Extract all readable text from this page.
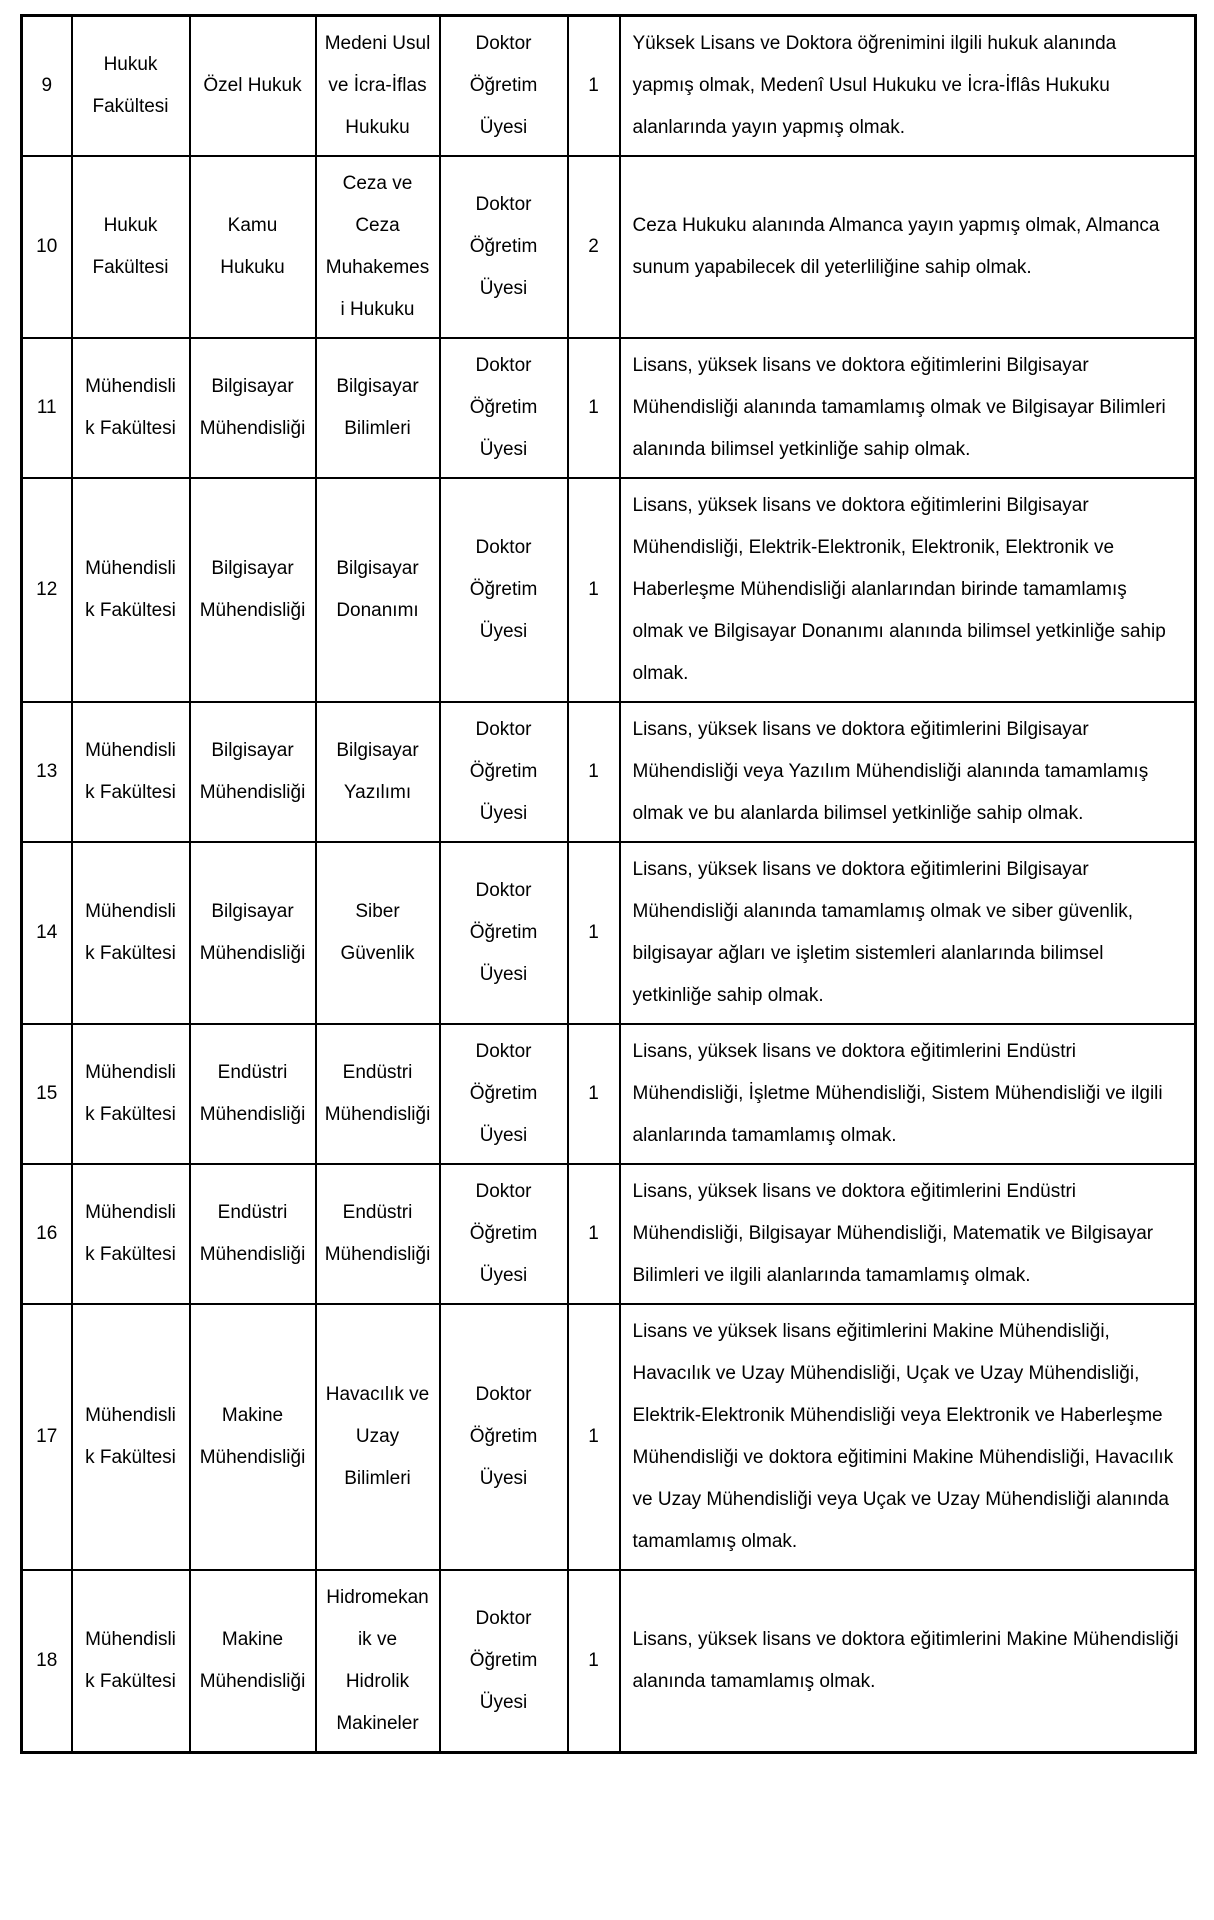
9	Hukuk Fakültesi	Özel Hukuk	Medeni Usul ve İcra-İflas Hukuku	Doktor Öğretim Üyesi	1	Yüksek Lisans ve Doktora öğrenimini ilgili hukuk alanında yapmış olmak, Medenî Usul Hukuku ve İcra-İflâs Hukuku alanlarında yayın yapmış olmak.
10	Hukuk Fakültesi	Kamu Hukuku	Ceza ve Ceza Muhakemesi Hukuku	Doktor Öğretim Üyesi	2	Ceza Hukuku alanında Almanca yayın yapmış olmak, Almanca sunum yapabilecek dil yeterliliğine sahip olmak.
11	Mühendislik Fakültesi	Bilgisayar Mühendisliği	Bilgisayar Bilimleri	Doktor Öğretim Üyesi	1	Lisans, yüksek lisans ve doktora eğitimlerini Bilgisayar Mühendisliği alanında tamamlamış olmak ve Bilgisayar Bilimleri alanında bilimsel yetkinliğe sahip olmak.
12	Mühendislik Fakültesi	Bilgisayar Mühendisliği	Bilgisayar Donanımı	Doktor Öğretim Üyesi	1	Lisans, yüksek lisans ve doktora eğitimlerini Bilgisayar Mühendisliği, Elektrik-Elektronik, Elektronik, Elektronik ve Haberleşme Mühendisliği alanlarından birinde tamamlamış olmak ve Bilgisayar Donanımı alanında bilimsel yetkinliğe sahip olmak.
13	Mühendislik Fakültesi	Bilgisayar Mühendisliği	Bilgisayar Yazılımı	Doktor Öğretim Üyesi	1	Lisans, yüksek lisans ve doktora eğitimlerini Bilgisayar Mühendisliği veya Yazılım Mühendisliği alanında tamamlamış olmak ve bu alanlarda bilimsel yetkinliğe sahip olmak.
14	Mühendislik Fakültesi	Bilgisayar Mühendisliği	Siber Güvenlik	Doktor Öğretim Üyesi	1	Lisans, yüksek lisans ve doktora eğitimlerini Bilgisayar Mühendisliği alanında tamamlamış olmak ve siber güvenlik, bilgisayar ağları ve işletim sistemleri alanlarında bilimsel yetkinliğe sahip olmak.
15	Mühendislik Fakültesi	Endüstri Mühendisliği	Endüstri Mühendisliği	Doktor Öğretim Üyesi	1	Lisans, yüksek lisans ve doktora eğitimlerini Endüstri Mühendisliği, İşletme Mühendisliği, Sistem Mühendisliği ve ilgili alanlarında tamamlamış olmak.
16	Mühendislik Fakültesi	Endüstri Mühendisliği	Endüstri Mühendisliği	Doktor Öğretim Üyesi	1	Lisans, yüksek lisans ve doktora eğitimlerini Endüstri Mühendisliği, Bilgisayar Mühendisliği, Matematik ve Bilgisayar Bilimleri ve ilgili alanlarında tamamlamış olmak.
17	Mühendislik Fakültesi	Makine Mühendisliği	Havacılık ve Uzay Bilimleri	Doktor Öğretim Üyesi	1	Lisans ve yüksek lisans eğitimlerini Makine Mühendisliği, Havacılık ve Uzay Mühendisliği, Uçak ve Uzay Mühendisliği, Elektrik-Elektronik Mühendisliği veya Elektronik ve Haberleşme Mühendisliği ve doktora eğitimini Makine Mühendisliği, Havacılık ve Uzay Mühendisliği veya Uçak ve Uzay Mühendisliği alanında tamamlamış olmak.
18	Mühendislik Fakültesi	Makine Mühendisliği	Hidromekanik ve Hidrolik Makineler	Doktor Öğretim Üyesi	1	Lisans, yüksek lisans ve doktora eğitimlerini Makine Mühendisliği alanında tamamlamış olmak.
